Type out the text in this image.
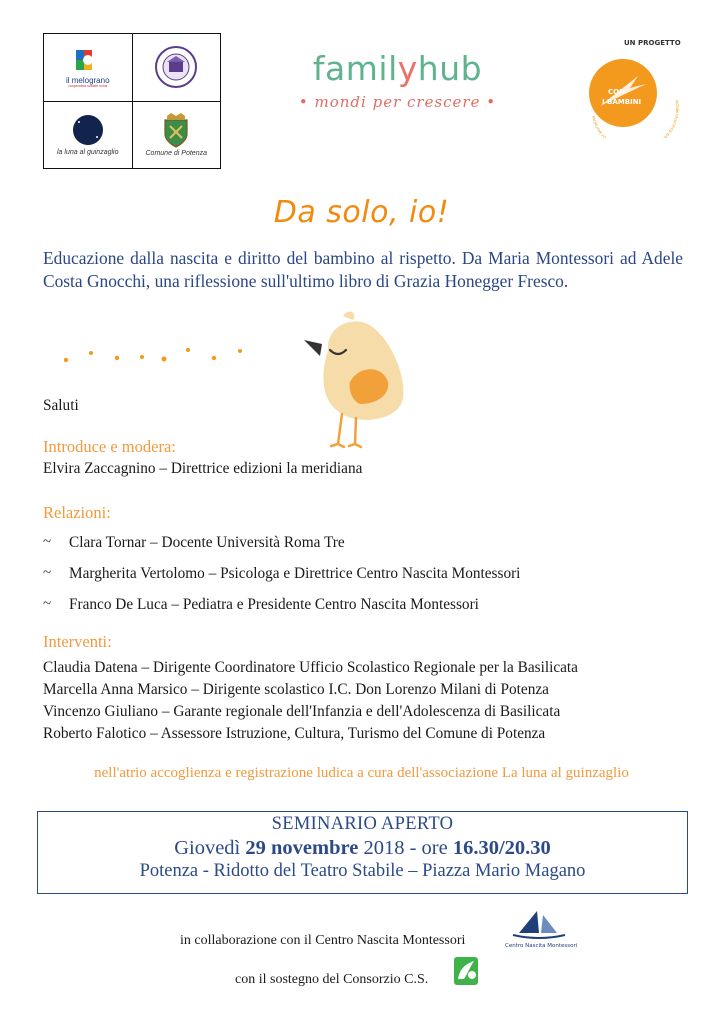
il melograno
cooperativa sociale onlus
la luna al guinzaglio	Comune di Potenza
familyhub
• mondi per crescere •
UN PROGETTO
CON
I BAMBINI
PROMUOVE FO RTÀ EDUCATIVA MINORI
Da solo, io!
Educazione dalla nascita e diritto del bambino al rispetto. Da Maria Montessori ad Adele Costa Gnocchi, una riflessione sull'ultimo libro di Grazia Honegger Fresco.
Saluti
Introduce e modera:
Elvira Zaccagnino – Direttrice edizioni la meridiana
Relazioni:
~ Clara Tornar – Docente Università Roma Tre
~ Margherita Vertolomo – Psicologa e Direttrice Centro Nascita Montessori
~ Franco De Luca – Pediatra e Presidente Centro Nascita Montessori
Interventi:
Claudia Datena – Dirigente Coordinatore Ufficio Scolastico Regionale per la Basilicata
Marcella Anna Marsico – Dirigente scolastico I.C. Don Lorenzo Milani di Potenza
Vincenzo Giuliano – Garante regionale dell'Infanzia e dell'Adolescenza di Basilicata
Roberto Falotico – Assessore Istruzione, Cultura, Turismo del Comune di Potenza
nell'atrio accoglienza e registrazione ludica a cura dell'associazione La luna al guinzaglio
SEMINARIO APERTO
Giovedì 29 novembre 2018 - ore 16.30/20.30
Potenza - Ridotto del Teatro Stabile – Piazza Mario Magano
in collaborazione con il Centro Nascita Montessori	Centro Nascita Montessori
con il sostegno del Consorzio C.S.
